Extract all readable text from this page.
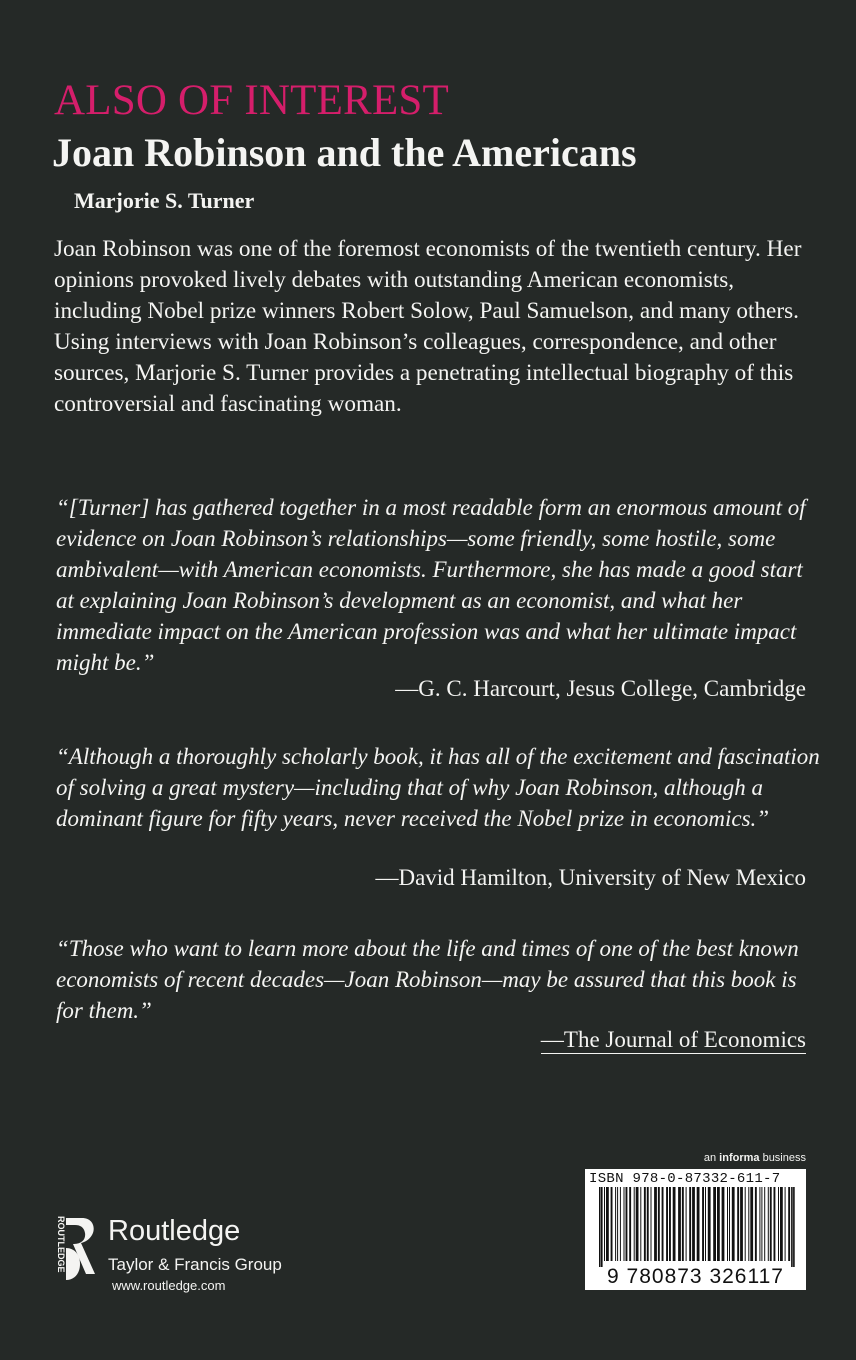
ALSO OF INTEREST
Joan Robinson and the Americans
Marjorie S. Turner

Joan Robinson was one of the foremost economists of the twentieth century. Her opinions provoked lively debates with outstanding American economists, including Nobel prize winners Robert Solow, Paul Samuelson, and many others. Using interviews with Joan Robinson’s colleagues, correspondence, and other sources, Marjorie S. Turner provides a penetrating intellectual biography of this controversial and fascinating woman.

“[Turner] has gathered together in a most readable form an enormous amount of evidence on Joan Robinson’s relationships—some friendly, some hostile, some ambivalent—with American economists. Furthermore, she has made a good start at explaining Joan Robinson’s development as an economist, and what her immediate impact on the American profession was and what her ultimate impact might be.”

—G. C. Harcourt, Jesus College, Cambridge

“Although a thoroughly scholarly book, it has all of the excitement and fascination of solving a great mystery—including that of why Joan Robinson, although a dominant figure for fifty years, never received the Nobel prize in economics.”

—David Hamilton, University of New Mexico

“Those who want to learn more about the life and times of one of the best known economists of recent decades—Joan Robinson—may be assured that this book is for them.”

—The Journal of Economics
an informa business
ISBN 978-0-87332-611-7
9 780873 326117
ROUTLEDGE Routledge
Taylor & Francis Group
www.routledge.com
